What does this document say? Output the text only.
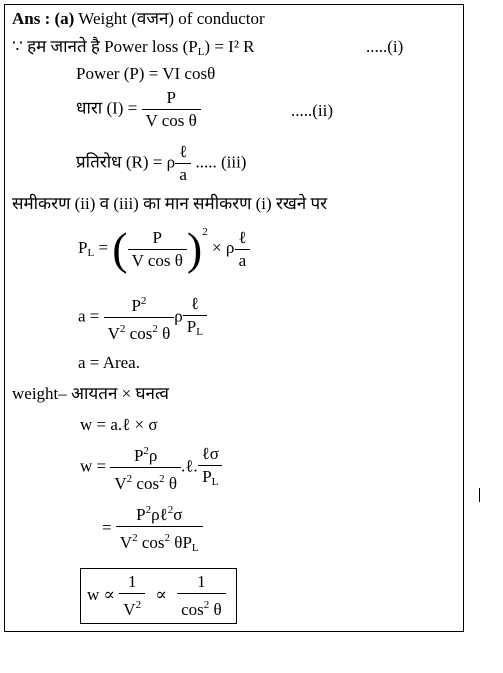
Ans : (a) Weight (वजन) of conductor
∵ हम जानते है Power loss $(P_L) = I^2$ R	.....(i)
Power (P) = VI cosθ
धारा $(I) = \frac{P}{\text{V cos θ}}$	.....(ii)
प्रतिरोध (R) = ρ $\frac{\text{ℓ}}{a}$ ..... (iii)
समीकरण (ii) व (iii) का मान समीकरण (i) रखने पर
$P_L$ = ( $\frac{P}{\text{V cos θ}} )^2 \times \rho \frac{\text{ℓ}}{a}$
$a = \frac{P^2}{V^2 \cos^2 \theta}$ ρ $\frac{\text{ℓ}}{P_L}$
a = Area.
weight– आयतन × घनत्व
w = a.ℓ × σ
$w = \frac{P^2\rho}{V^2 \cos^2 \theta}$ .ℓ. $\frac{\text{ℓσ}}{P_L}$
= $\frac{P^2\rho\ell^2\sigma}{V^2 \cos^2 \theta P_L}$
$w \propto \frac{1}{V^2} \propto \frac{1}{\cos^2 \theta}$
